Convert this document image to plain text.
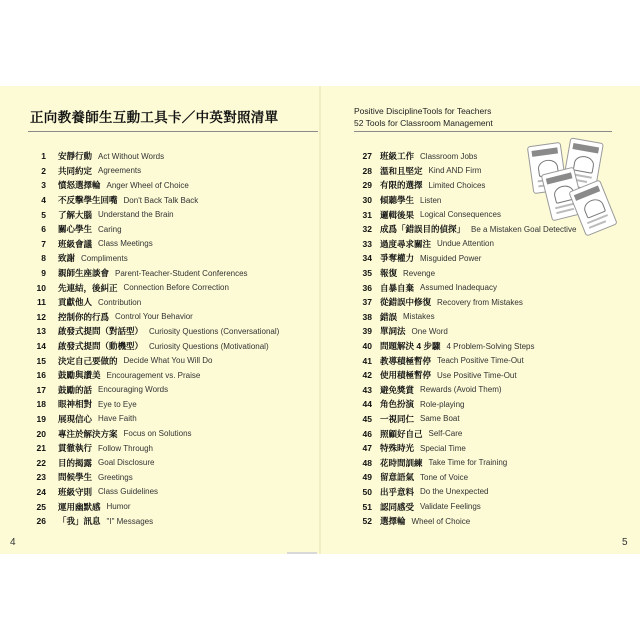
正向教養師生互動工具卡／中英對照清單	Positive DisciplineTools for Teachers
52 Tools for Classroom Management
1 安靜行動 Act Without Words
2 共同約定 Agreements
3 憤怒選擇輪 Anger Wheel of Choice
4 不反擊學生回嘴 Don't Back Talk Back
5 了解大腦 Understand the Brain
6 關心學生 Caring
7 班級會議 Class Meetings
8 致謝 Compliments
9 親師生座談會 Parent-Teacher-Student Conferences
10 先連結，後糾正 Connection Before Correction
11 貢獻他人 Contribution
12 控制你的行爲 Control Your Behavior
13 啟發式提問（對話型） Curiosity Questions (Conversational)
14 啟發式提問（動機型） Curiosity Questions (Motivational)
15 決定自己要做的 Decide What You Will Do
16 鼓勵與讚美 Encouragement vs. Praise
17 鼓勵的話 Encouraging Words
18 眼神相對 Eye to Eye
19 展現信心 Have Faith
20 專注於解決方案 Focus on Solutions
21 貫徹執行 Follow Through
22 目的揭露 Goal Disclosure
23 問候學生 Greetings
24 班級守則 Class Guidelines
25 運用幽默感 Humor
26 「我」訊息 "I" Messages
27 班級工作 Classroom Jobs
28 溫和且堅定 Kind AND Firm
29 有限的選擇 Limited Choices
30 傾聽學生 Listen
31 邏輯後果 Logical Consequences
32 成爲「錯誤目的偵探」 Be a Mistaken Goal Detective
33 過度尋求關注 Undue Attention
34 爭奪權力 Misguided Power
35 報復 Revenge
36 自暴自棄 Assumed Inadequacy
37 從錯誤中修復 Recovery from Mistakes
38 錯誤 Mistakes
39 單詞法 One Word
40 問題解決 4 步驟 4 Problem-Solving Steps
41 教導積極暫停 Teach Positive Time-Out
42 使用積極暫停 Use Positive Time-Out
43 避免獎賞 Rewards (Avoid Them)
44 角色扮演 Role-playing
45 一視同仁 Same Boat
46 照顧好自己 Self-Care
47 特殊時光 Special Time
48 花時間訓練 Take Time for Training
49 留意語氣 Tone of Voice
50 出乎意料 Do the Unexpected
51 認同感受 Validate Feelings
52 選擇輪 Wheel of Choice
4	5
